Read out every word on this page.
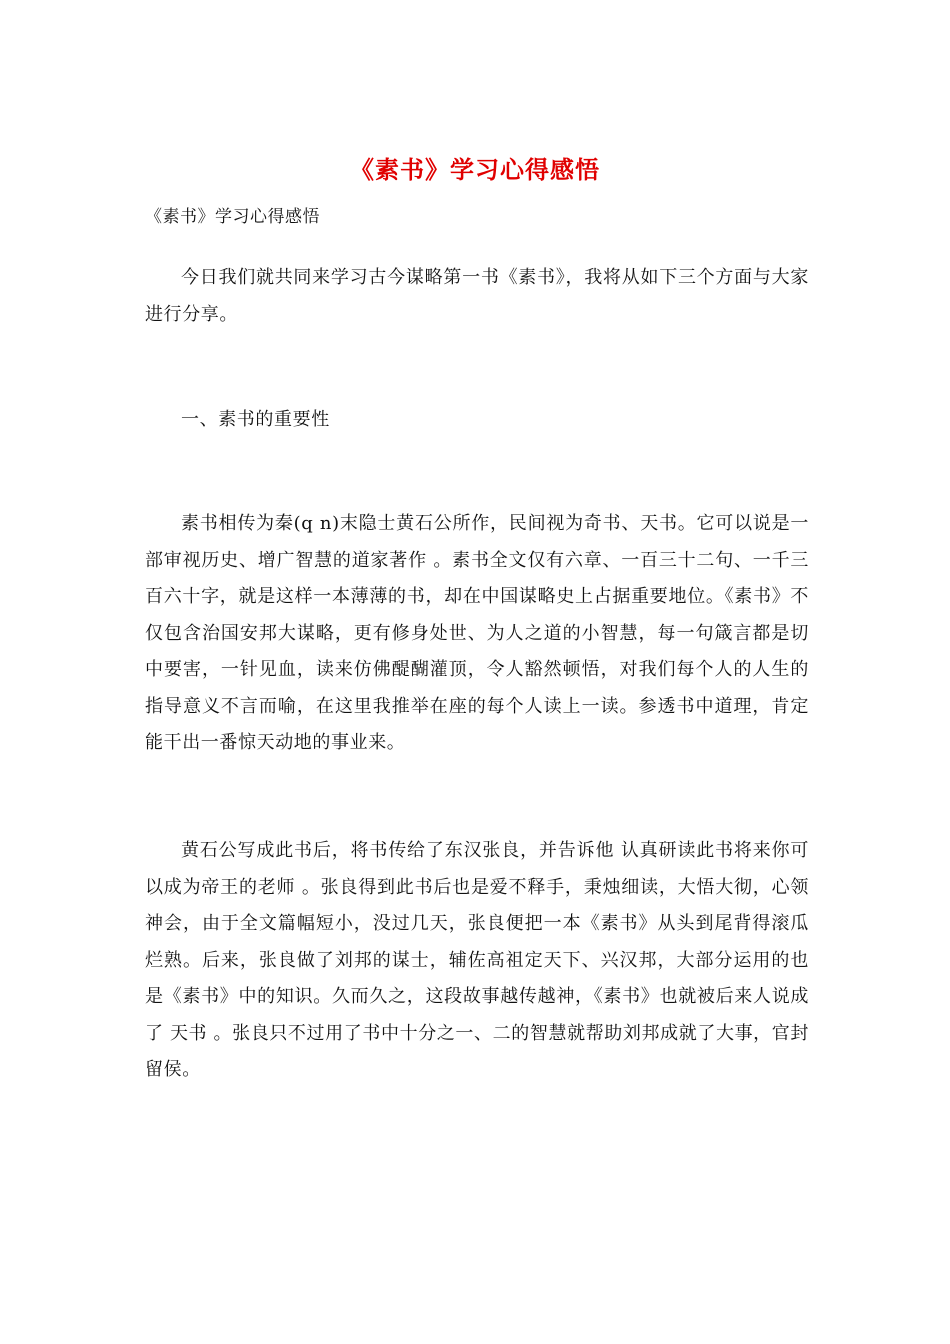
《素书》学习心得感悟
《素书》学习心得感悟

今日我们就共同来学习古今谋略第一书《素书》，我将从如下三个方面与大家进行分享。

一、素书的重要性

素书相传为秦(q n)末隐士黄石公所作，民间视为奇书、天书。它可以说是一部审视历史、增广智慧的道家著作 。素书全文仅有六章、一百三十二句、一千三百六十字，就是这样一本薄薄的书，却在中国谋略史上占据重要地位。《素书》不仅包含治国安邦大谋略，更有修身处世、为人之道的小智慧，每一句箴言都是切中要害，一针见血，读来仿佛醍醐灌顶，令人豁然顿悟，对我们每个人的人生的指导意义不言而喻，在这里我推举在座的每个人读上一读。参透书中道理，肯定能干出一番惊天动地的事业来。

黄石公写成此书后，将书传给了东汉张良，并告诉他 认真研读此书将来你可以成为帝王的老师 。张良得到此书后也是爱不释手，秉烛细读，大悟大彻，心领神会，由于全文篇幅短小，没过几天，张良便把一本《素书》从头到尾背得滚瓜烂熟。后来，张良做了刘邦的谋士，辅佐高祖定天下、兴汉邦，大部分运用的也是《素书》中的知识。久而久之，这段故事越传越神，《素书》也就被后来人说成了 天书 。张良只不过用了书中十分之一、二的智慧就帮助刘邦成就了大事，官封留侯。
